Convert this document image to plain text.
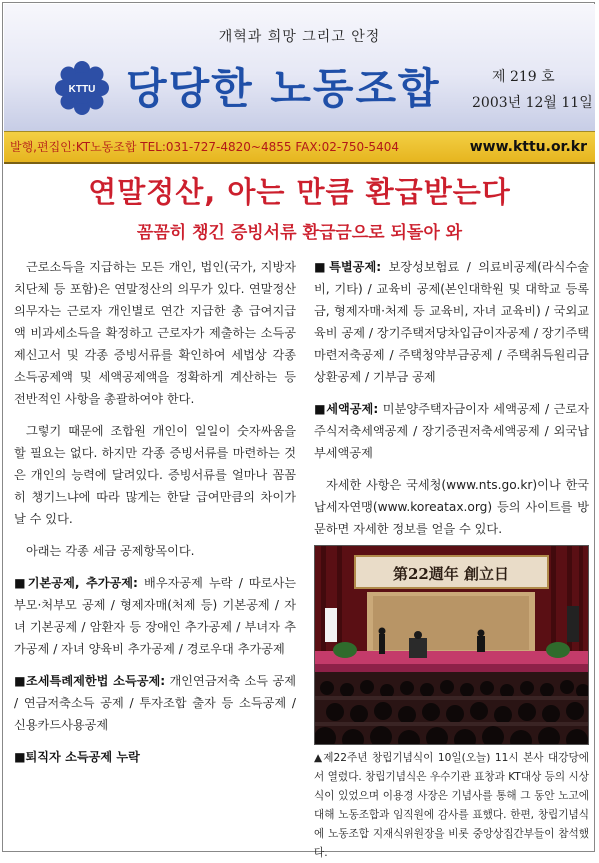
개혁과 희망 그리고 안정
KTTU 당당한 노동조합	제 219 호
2003년 12월 11일
발행,편집인:KT노동조합 TEL:031-727-4820~4855 FAX:02-750-5404	www.kttu.or.kr
연말정산, 아는 만큼 환급받는다
꼼꼼히 챙긴 증빙서류 환급금으로 되돌아 와

근로소득을 지급하는 모든 개인, 법인(국가, 지방자치단체 등 포함)은 연말정산의 의무가 있다. 연말정산의무자는 근로자 개인별로 연간 지급한 총 급여지급액 비과세소득을 확정하고 근로자가 제출하는 소득공제신고서 및 각종 증빙서류를 확인하여 세법상 각종 소득공제액 및 세액공제액을 정확하게 계산하는 등 전반적인 사항을 총괄하여야 한다.

그렇기 때문에 조합원 개인이 일일이 숫자싸움을 할 필요는 없다. 하지만 각종 증빙서류를 마련하는 것은 개인의 능력에 달려있다. 증빙서류를 얼마나 꼼꼼히 챙기느냐에 따라 많게는 한달 급여만큼의 차이가 날 수 있다.

아래는 각종 세금 공제항목이다.

■기본공제, 추가공제: 배우자공제 누락 / 따로사는 부모·처부모 공제 / 형제자매(처제 등) 기본공제 / 자녀 기본공제 / 암환자 등 장애인 추가공제 / 부녀자 추가공제 / 자녀 양육비 추가공제 / 경로우대 추가공제

■조세특례제한법 소득공제: 개인연금저축 소득 공제 / 연금저축소득 공제 / 투자조합 출자 등 소득공제 / 신용카드사용공제

■퇴직자 소득공제 누락

■특별공제: 보장성보험료 / 의료비공제(라식수술비, 기타) / 교육비 공제(본인대학원 및 대학교 등록금, 형제자매·처제 등 교육비, 자녀 교육비) / 국외교육비 공제 / 장기주택저당차입금이자공제 / 장기주택마련저축공제 / 주택청약부금공제 / 주택취득원리금 상환공제 / 기부금 공제

■세액공제: 미분양주택자금이자 세액공제 / 근로자주식저축세액공제 / 장기증권저축세액공제 / 외국납부세액공제

자세한 사항은 국세청(www.nts.go.kr)이나 한국납세자연맹(www.koreatax.org) 등의 사이트를 방문하면 자세한 정보를 얻을 수 있다.

第22週年 創立日
▲제22주년 창립기념식이 10일(오늘) 11시 본사 대강당에서 열렸다. 창립기념식은 우수기관 표창과 KT대상 등의 시상식이 있었으며 이용경 사장은 기념사를 통해 그 동안 노고에 대해 노동조합과 임직원에 감사를 표했다. 한편, 창립기념식에 노동조합 지재식위원장을 비롯 중앙상집간부들이 참석했다.
